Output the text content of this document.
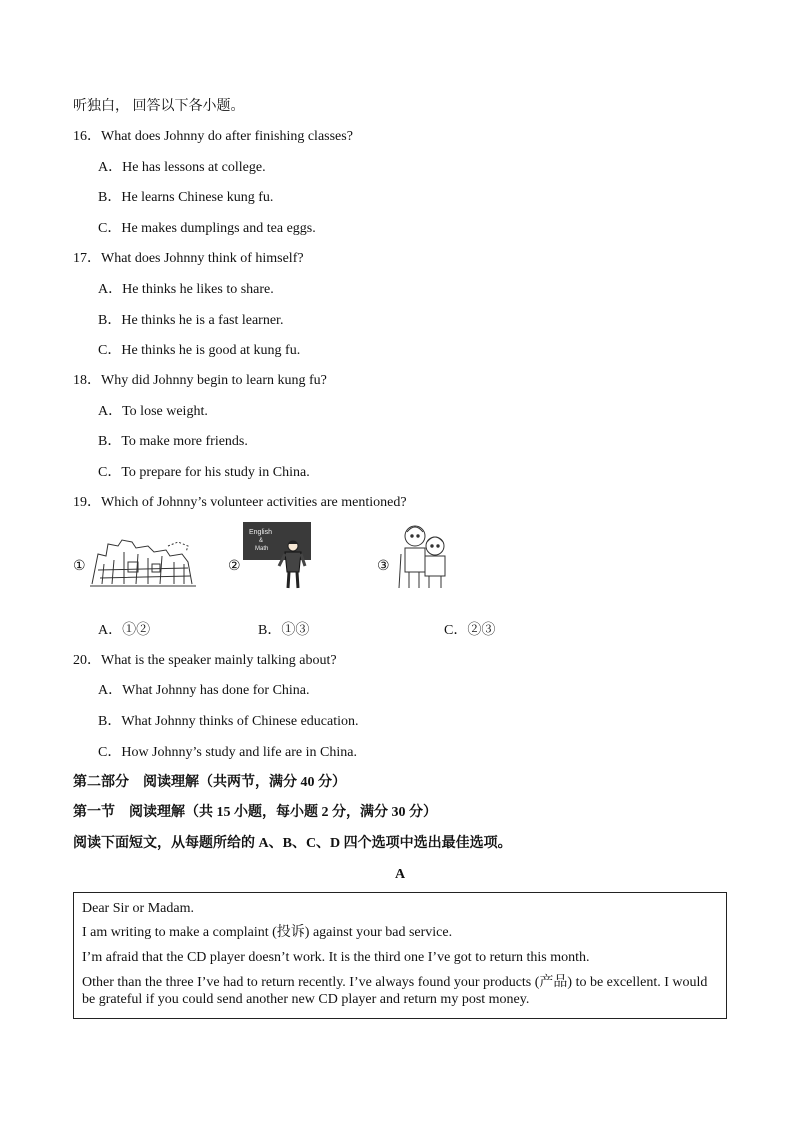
听独白， 回答以下各小题。
16．What does Johnny do after finishing classes?
A．He has lessons at college.
B．He learns Chinese kung fu.
C．He makes dumplings and tea eggs.
17．What does Johnny think of himself?
A．He thinks he likes to share.
B．He thinks he is a fast learner.
C．He thinks he is good at kung fu.
18．Why did Johnny begin to learn kung fu?
A．To lose weight.
B．To make more friends.
C．To prepare for his study in China.
19．Which of Johnny’s volunteer activities are mentioned?
①	②
English
&
Math
③
A．①②	B．①③	C．②③
20．What is the speaker mainly talking about?
A．What Johnny has done for China.
B．What Johnny thinks of Chinese education.
C．How Johnny’s study and life are in China.
第二部分　阅读理解（共两节，满分 40 分）
第一节　阅读理解（共 15 小题，每小题 2 分，满分 30 分）
阅读下面短文，从每题所给的 A、B、C、D 四个选项中选出最佳选项。
A
Dear Sir or Madam.
I am writing to make a complaint (投诉) against your bad service.
I’m afraid that the CD player doesn’t work. It is the third one I’ve got to return this month.
Other than the three I’ve had to return recently. I’ve always found your products (产品) to be excellent. I would
be grateful if you could send another new CD player and return my post money.
